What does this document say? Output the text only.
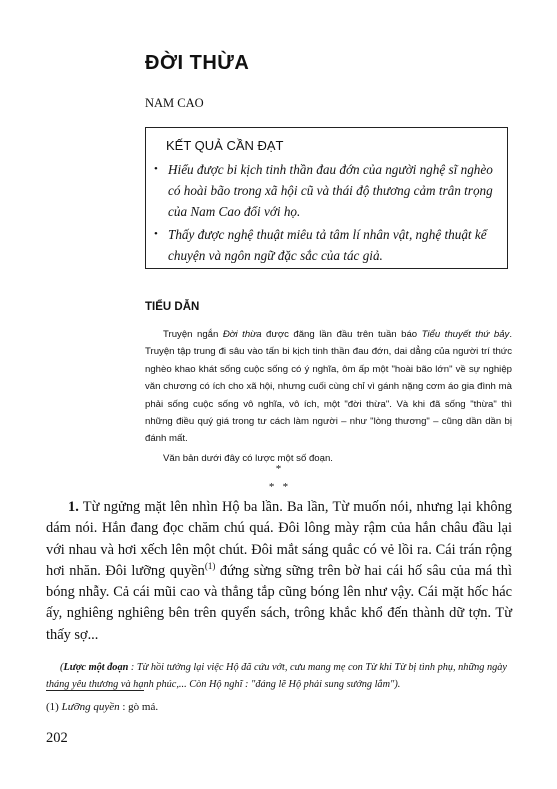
ĐỜI THỪA
NAM CAO
KẾT QUẢ CẦN ĐẠT
• Hiểu được bi kịch tinh thần đau đớn của người nghệ sĩ nghèo có hoài bão trong xã hội cũ và thái độ thương cảm trân trọng của Nam Cao đối với họ.
• Thấy được nghệ thuật miêu tả tâm lí nhân vật, nghệ thuật kể chuyện và ngôn ngữ đặc sắc của tác giả.
TIỂU DẪN

Truyện ngắn Đời thừa được đăng lần đầu trên tuần báo Tiểu thuyết thứ bảy. Truyện tập trung đi sâu vào tấn bi kịch tinh thần đau đớn, dai dẳng của người trí thức nghèo khao khát sống cuộc sống có ý nghĩa, ôm ấp một "hoài bão lớn" về sự nghiệp văn chương có ích cho xã hội, nhưng cuối cùng chỉ vì gánh nặng cơm áo gia đình mà phải sống cuộc sống vô nghĩa, vô ích, một "đời thừa". Và khi đã sống "thừa" thì những điều quý giá trong tư cách làm người – như "lòng thương" – cũng dần dần bị đánh mất.

Văn bản dưới đây có lược một số đoạn.

*
*   *

1. Từ ngửng mặt lên nhìn Hộ ba lần. Ba lần, Từ muốn nói, nhưng lại không dám nói. Hắn đang đọc chăm chú quá. Đôi lông mày rậm của hắn châu đầu lại với nhau và hơi xếch lên một chút. Đôi mắt sáng quắc có vẻ lồi ra. Cái trán rộng hơi nhăn. Đôi lưỡng quyền$^{(1)}$ đứng sừng sững trên bờ hai cái hố sâu của má thì bóng nhẫy. Cả cái mũi cao và thẳng tắp cũng bóng lên như vậy. Cái mặt hốc hác ấy, nghiêng nghiêng bên trên quyển sách, trông khắc khổ đến thành dữ tợn. Từ thấy sợ...

(Lược một đoạn : Từ hồi tưởng lại việc Hộ đã cứu vớt, cưu mang mẹ con Từ khi Từ bị tình phụ, những ngày tháng yêu thương và hạnh phúc,... Còn Hộ nghĩ : "đáng lẽ Hộ phải sung sướng lắm").

(1) Lưỡng quyền : gò má.

202
